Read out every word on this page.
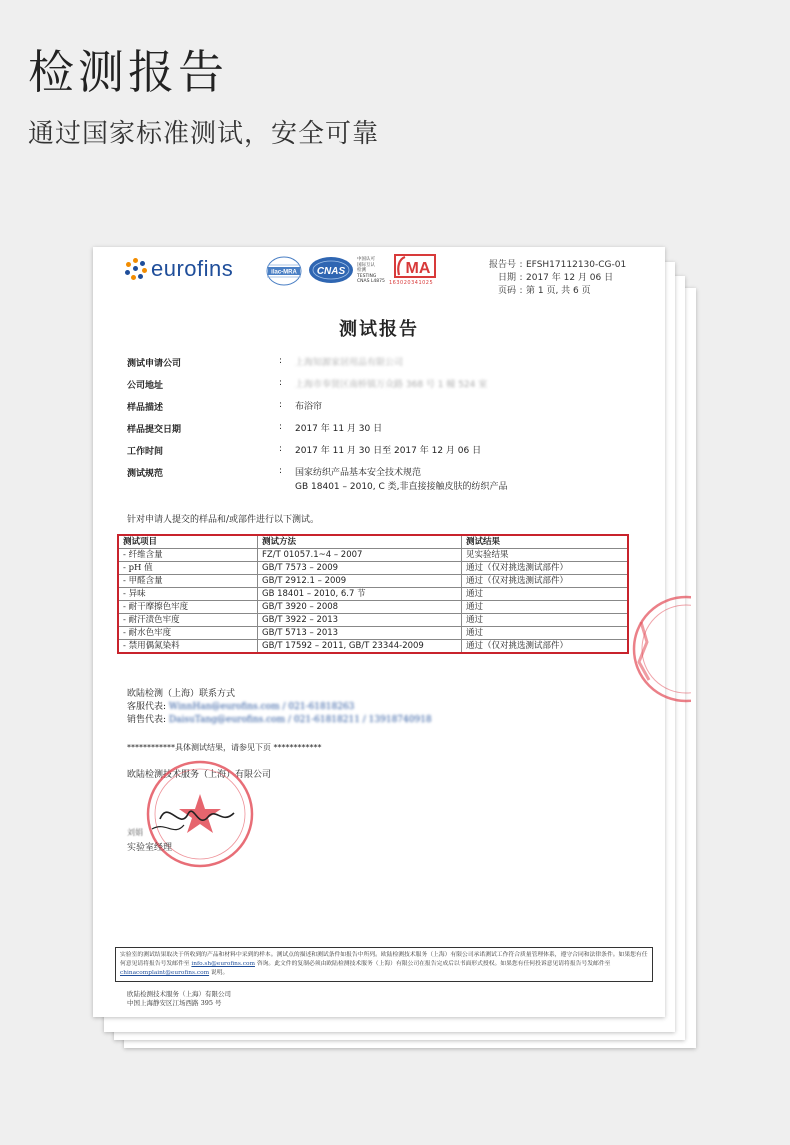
检测报告
通过国家标准测试，安全可靠
eurofins	ilac-MRA CNAS
中国认可
国际互认
检测
TESTING
CNAS L4875
MA
163020341025
报告号 : EFSH17112130-CG-01
日期 : 2017 年 12 月 06 日
页码 : 第 1 页, 共 6 页
测试报告
测试申请公司	: 上海知源家居用品有限公司
公司地址	: 上海市奉贤区南桥镇万众路 368 号 1 幢 524 室
样品描述	: 布浴帘
样品提交日期	: 2017 年 11 月 30 日
工作时间	: 2017 年 11 月 30 日至 2017 年 12 月 06 日
测试规范	: 国家纺织产品基本安全技术规范
GB 18401 – 2010, C 类,非直接接触皮肤的纺织产品
针对申请人提交的样品和/或部件进行以下测试。
测试项目	测试方法	测试结果
- 纤维含量	FZ/T 01057.1~4 – 2007	见实验结果
- pH 值	GB/T 7573 – 2009	通过（仅对挑选测试部件）
- 甲醛含量	GB/T 2912.1 – 2009	通过（仅对挑选测试部件）
- 异味	GB 18401 – 2010, 6.7 节	通过
- 耐干摩擦色牢度	GB/T 3920 – 2008	通过
- 耐汗渍色牢度	GB/T 3922 – 2013	通过
- 耐水色牢度	GB/T 5713 – 2013	通过
- 禁用偶氮染料	GB/T 17592 – 2011, GB/T 23344-2009	通过（仅对挑选测试部件）
欧陆检测（上海）联系方式
客服代表: WinnHan@eurofins.com / 021-61818263
销售代表: DaisuTang@eurofins.com / 021-61818211 / 13918740918
************具体测试结果，请参见下页 ************
欧陆检测技术服务（上海）有限公司
刘娟
实验室经理
实验室的测试结果取决于所收到的产品和材料中采到的样本。测试点的描述和测试条件如报告中所列。欧陆检测技术服务（上海）有限公司承诺测试工作符合质量管理体系，遵守合同和法律条件。如果您有任何意见请将报告号发邮件至 info.sh@eurofins.com 咨询。此文件的复制必须由欧陆检测技术服务（上海）有限公司在报告完成后以书面形式授权。如果您有任何投诉意见请将报告号发邮件至 chinacomplaint@eurofins.com 说明。
欧陆检测技术服务（上海）有限公司
中国上海静安区江场西路 395 号
